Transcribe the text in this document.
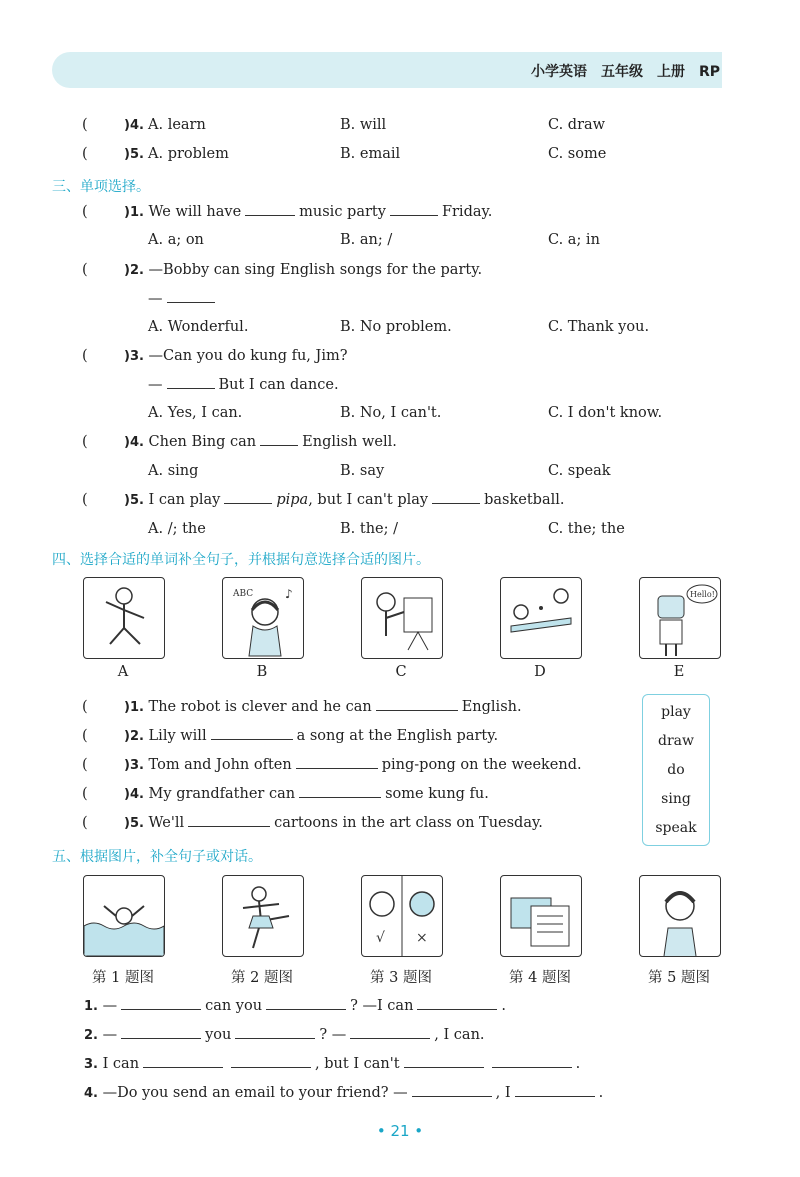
小学英语　五年级　上册　RP
(	)4. A. learn	B. will	C. draw
(	)5. A. problem	B. email	C. some
三、单项选择。
(	)1. We will have	music party	Friday.
A. a; on	B. an; /	C. a; in
(	)2. —Bobby can sing English songs for the party.
—
A. Wonderful.	B. No problem.	C. Thank you.
(	)3. —Can you do kung fu, Jim?
—	But I can dance.
A. Yes, I can.	B. No, I can't.	C. I don't know.
(	)4. Chen Bing can	English well.
A. sing	B. say	C. speak
(	)5. I can play	pipa, but I can't play	basketball.
A. /; the	B. the; /	C. the; the
四、选择合适的单词补全句子，并根据句意选择合适的图片。
ABC	♪	Hello!
A	B	C	D	E
(	)1. The robot is clever and he can	English.
(	)2. Lily will	a song at the English party.
(	)3. Tom and John often	ping-pong on the weekend.
(	)4. My grandfather can	some kung fu.
(	)5. We'll	cartoons in the art class on Tuesday.
play
draw
do
sing
speak
五、根据图片，补全句子或对话。
√ ×
第 1 题图	第 2 题图	第 3 题图	第 4 题图	第 5 题图
1. —	can you	? —I can	.
2. —	you	? —	, I can.
3. I can	, but I can't	.
4. —Do you send an email to your friend? —	, I	.
• 21 •
